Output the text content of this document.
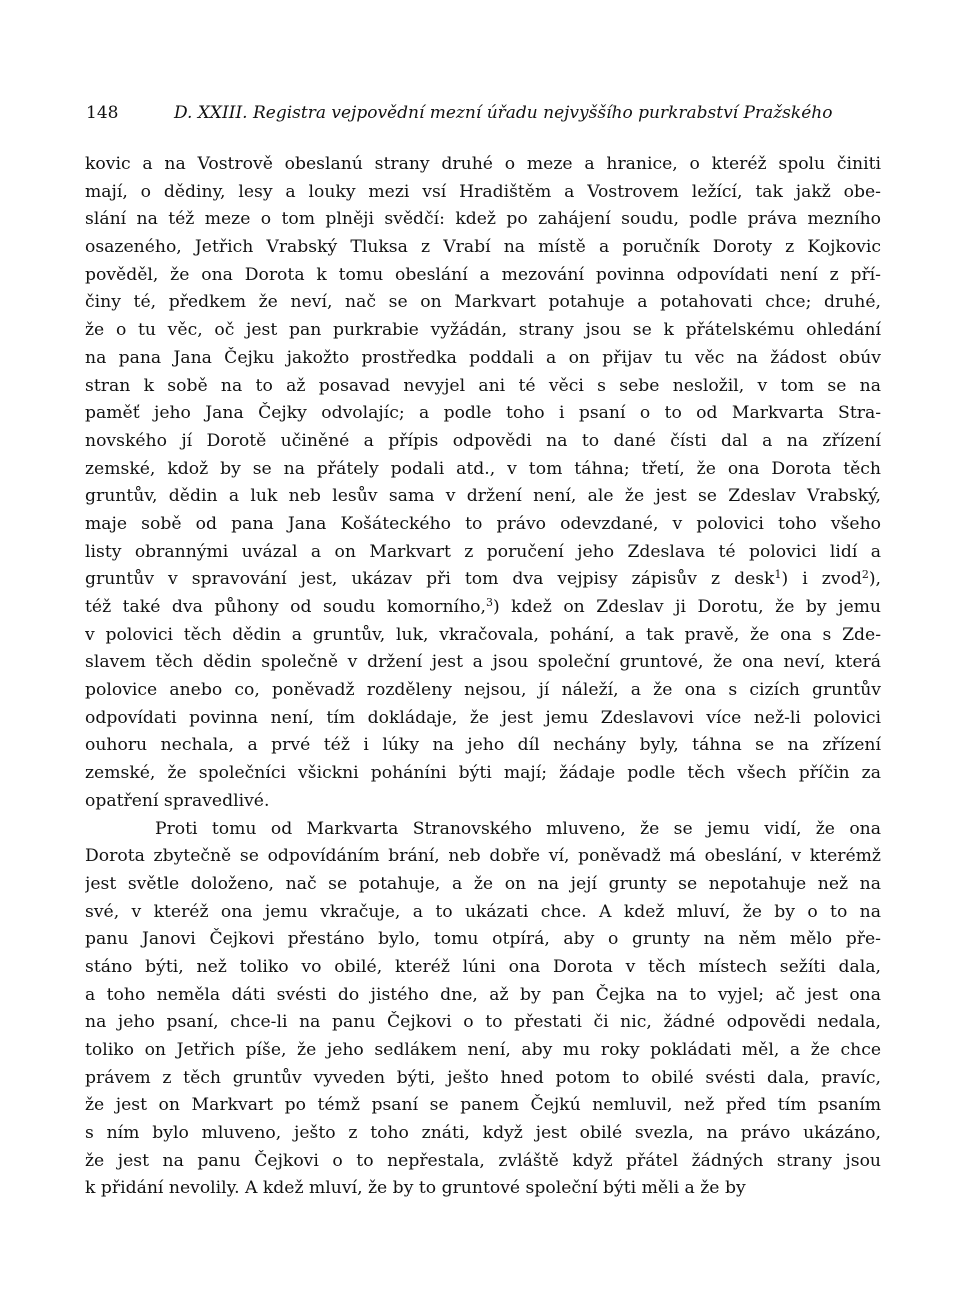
148	D. XXIII. Registra vejpovědní mezní úřadu nejvyššího purkrabství Pražského
kovic a na Vostrově obeslanú strany druhé o meze a hranice, o kteréž spolu činiti
mají, o dědiny, lesy a louky mezi vsí Hradištěm a Vostrovem ležící, tak jakž obe-
slání na též meze o tom plněji svědčí: kdež po zahájení soudu, podle práva mezního
osazeného, Jetřich Vrabský Tluksa z Vrabí na místě a poručník Doroty z Kojkovic
pověděl, že ona Dorota k tomu obeslání a mezování povinna odpovídati není z pří-
činy té, předkem že neví, nač se on Markvart potahuje a potahovati chce; druhé,
že o tu věc, oč jest pan purkrabie vyžádán, strany jsou se k přátelskému ohledání
na pana Jana Čejku jakožto prostředka poddali a on přijav tu věc na žádost obúv
stran k sobě na to až posavad nevyjel ani té věci s sebe nesložil, v tom se na
paměť jeho Jana Čejky odvolajíc; a podle toho i psaní o to od Markvarta Stra-
novského jí Dorotě učiněné a přípis odpovědi na to dané čísti dal a na zřízení
zemské, kdož by se na přátely podali atd., v tom táhna; třetí, že ona Dorota těch
gruntův, dědin a luk neb lesův sama v držení není, ale že jest se Zdeslav Vrabský,
maje sobě od pana Jana Košáteckého to právo odevzdané, v polovici toho všeho
listy obrannými uvázal a on Markvart z poručení jeho Zdeslava té polovici lidí a
gruntův v spravování jest, ukázav při tom dva vejpisy zápisův z desk$^1$) i zvod$^2$),
též také dva půhony od soudu komorního,$^3$) kdež on Zdeslav ji Dorotu, že by jemu
v polovici těch dědin a gruntův, luk, vkračovala, pohání, a tak pravě, že ona s Zde-
slavem těch dědin společně v držení jest a jsou společní gruntové, že ona neví, která
polovice anebo co, poněvadž rozděleny nejsou, jí náleží, a že ona s cizích gruntův
odpovídati povinna není, tím dokládaje, že jest jemu Zdeslavovi více než-li polovici
ouhoru nechala, a prvé též i lúky na jeho díl nechány byly, táhna se na zřízení
zemské, že společníci všickni poháníni býti mají; žádaje podle těch všech příčin za
opatření spravedlivé.
Proti tomu od Markvarta Stranovského mluveno, že se jemu vidí, že ona
Dorota zbytečně se odpovídáním brání, neb dobře ví, poněvadž má obeslání, v kterémž
jest světle doloženo, nač se potahuje, a že on na její grunty se nepotahuje než na
své, v kteréž ona jemu vkračuje, a to ukázati chce. A kdež mluví, že by o to na
panu Janovi Čejkovi přestáno bylo, tomu otpírá, aby o grunty na něm mělo pře-
stáno býti, než toliko vo obilé, kteréž lúni ona Dorota v těch místech sežíti dala,
a toho neměla dáti svésti do jistého dne, až by pan Čejka na to vyjel; ač jest ona
na jeho psaní, chce-li na panu Čejkovi o to přestati či nic, žádné odpovědi nedala,
toliko on Jetřich píše, že jeho sedlákem není, aby mu roky pokládati měl, a že chce
právem z těch gruntův vyveden býti, ješto hned potom to obilé svésti dala, pravíc,
že jest on Markvart po témž psaní se panem Čejkú nemluvil, než před tím psaním
s ním bylo mluveno, ješto z toho znáti, když jest obilé svezla, na právo ukázáno,
že jest na panu Čejkovi o to nepřestala, zvláště když přátel žádných strany jsou
k přidání nevolily. A kdež mluví, že by to gruntové společní býti měli a že by
